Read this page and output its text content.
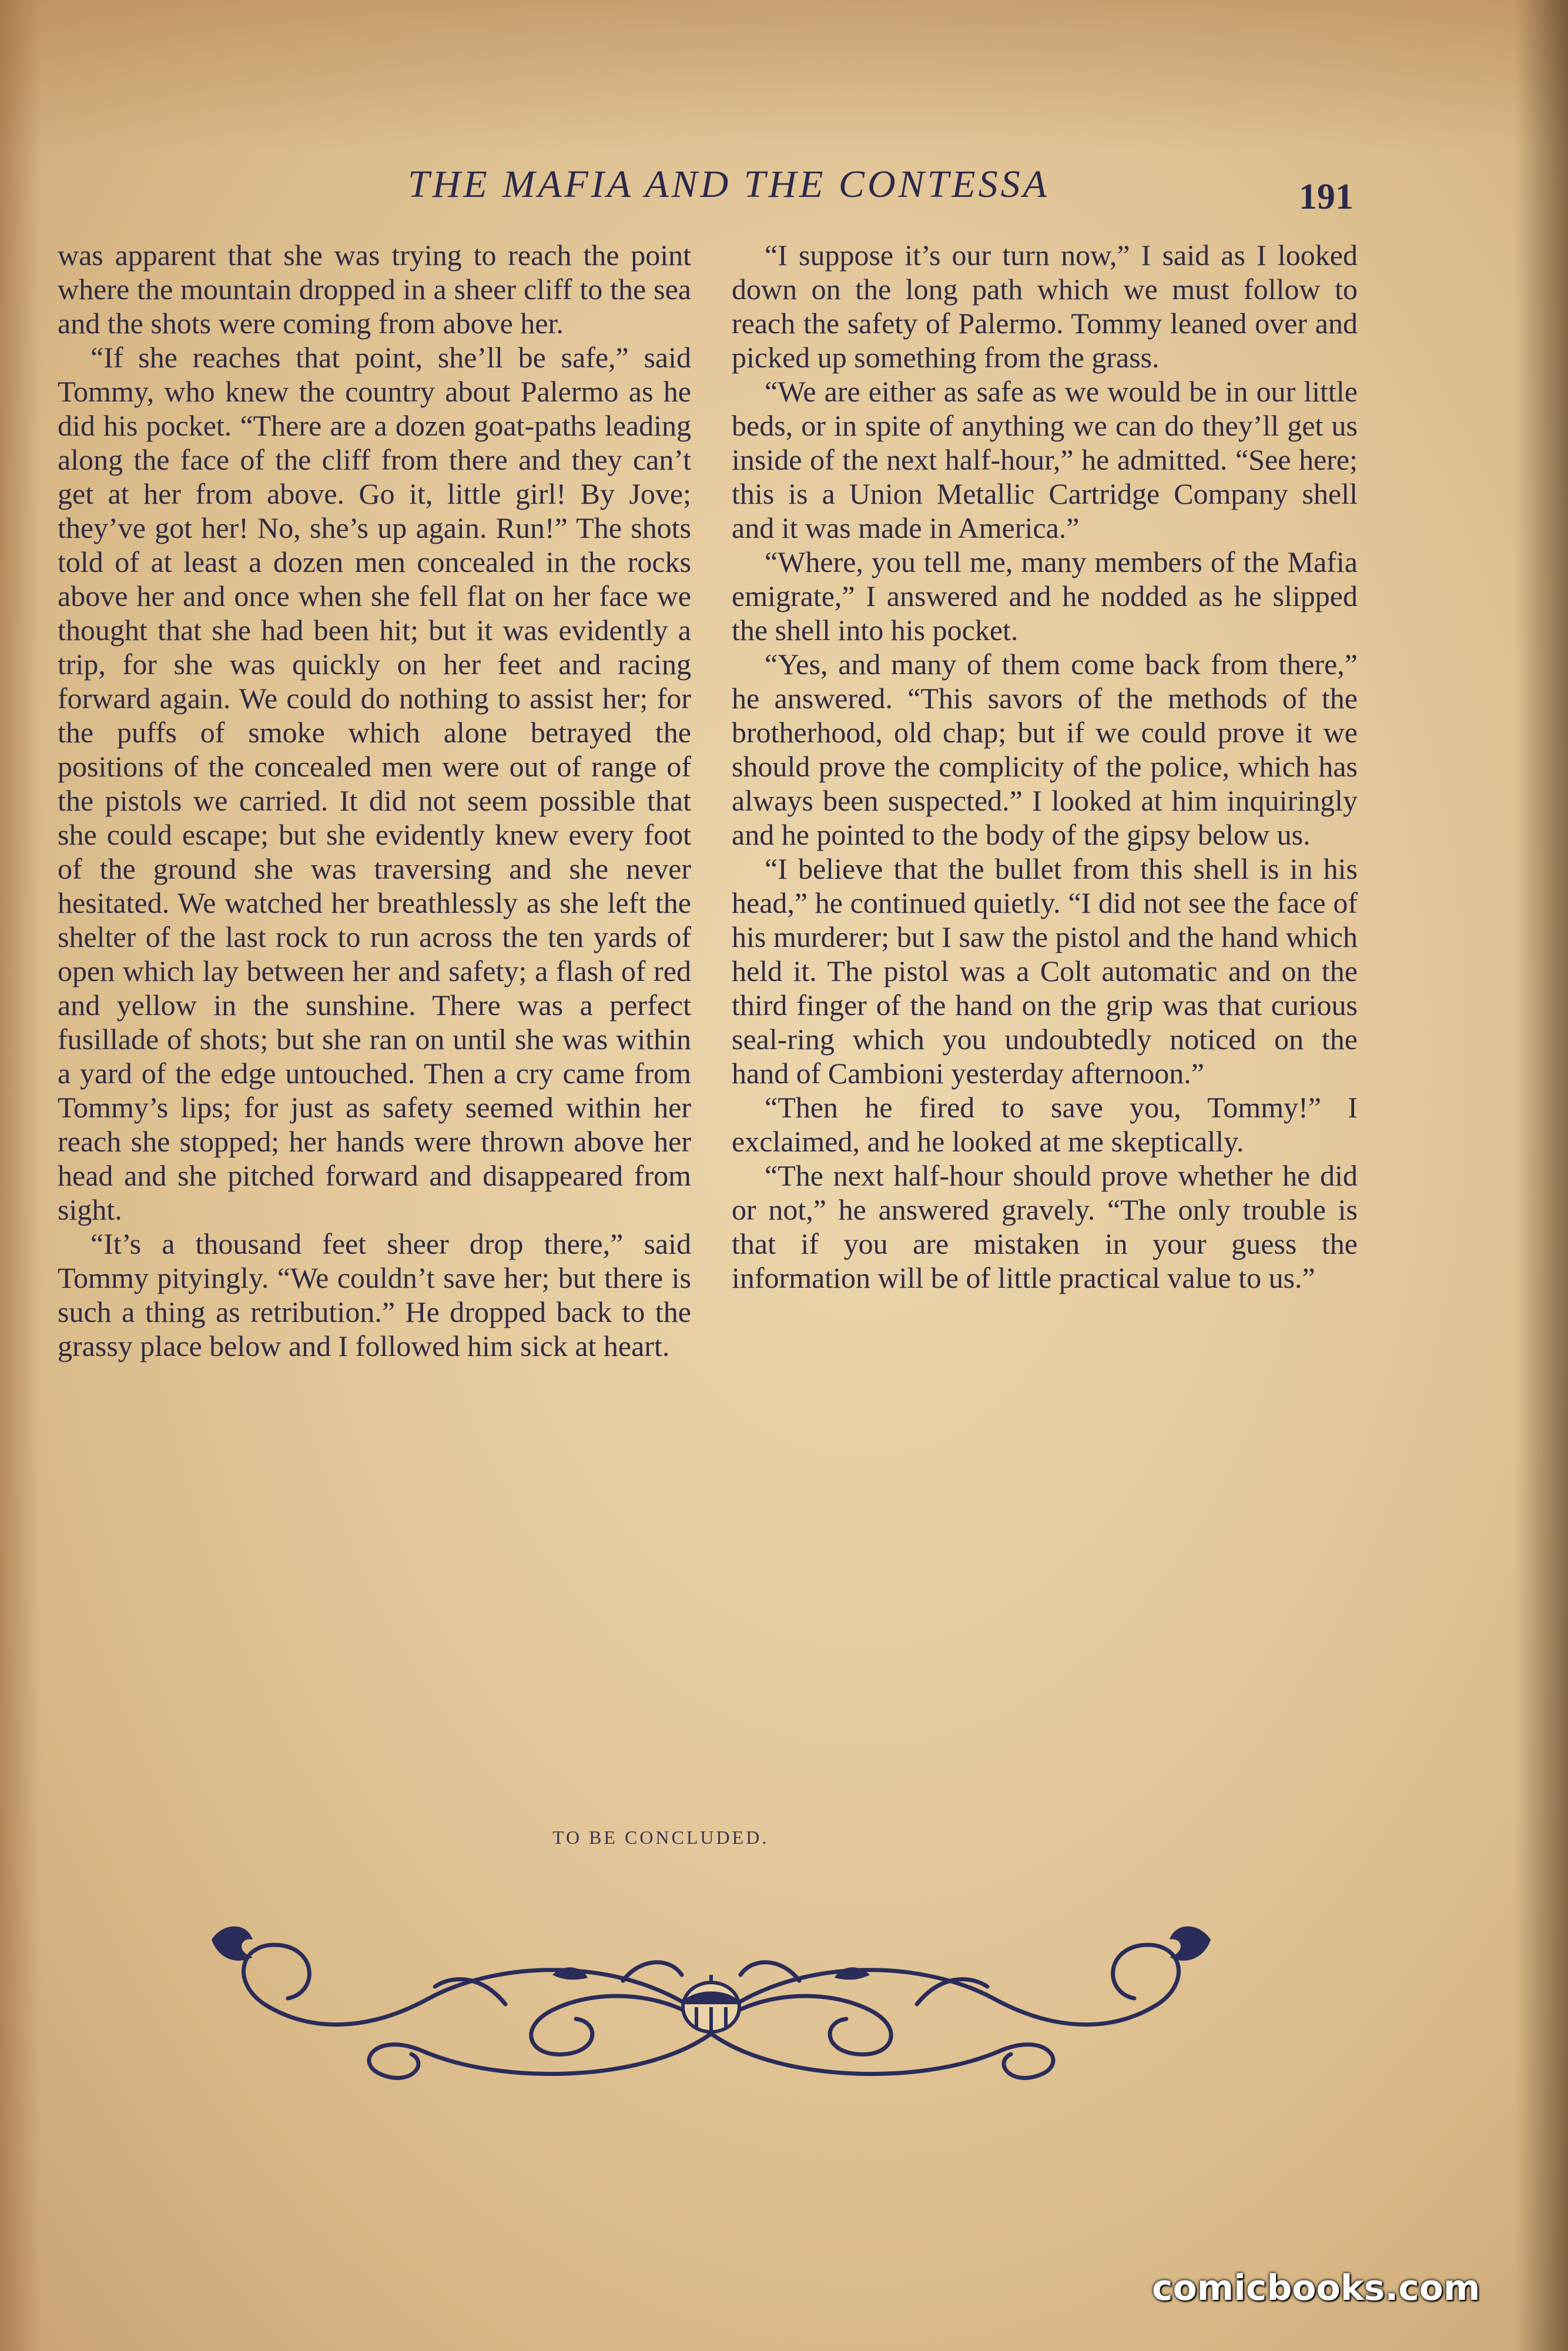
THE MAFIA AND THE CONTESSA	191

was apparent that she was trying to reach the point where the mountain dropped in a sheer cliff to the sea and the shots were coming from above her.

“If she reaches that point, she’ll be safe,” said Tommy, who knew the country about Palermo as he did his pocket. “There are a dozen goat-paths leading along the face of the cliff from there and they can’t get at her from above. Go it, little girl! By Jove; they’ve got her! No, she’s up again. Run!” The shots told of at least a dozen men concealed in the rocks above her and once when she fell flat on her face we thought that she had been hit; but it was evidently a trip, for she was quickly on her feet and racing forward again. We could do nothing to assist her; for the puffs of smoke which alone betrayed the positions of the concealed men were out of range of the pistols we carried. It did not seem possible that she could escape; but she evidently knew every foot of the ground she was traversing and she never hesitated. We watched her breathlessly as she left the shelter of the last rock to run across the ten yards of open which lay between her and safety; a flash of red and yellow in the sunshine. There was a perfect fusillade of shots; but she ran on until she was within a yard of the edge untouched. Then a cry came from Tommy’s lips; for just as safety seemed within her reach she stopped; her hands were thrown above her head and she pitched forward and disappeared from sight.

“It’s a thousand feet sheer drop there,” said Tommy pityingly. “We couldn’t save her; but there is such a thing as retribution.” He dropped back to the grassy place below and I followed him sick at heart.

“I suppose it’s our turn now,” I said as I looked down on the long path which we must follow to reach the safety of Palermo. Tommy leaned over and picked up something from the grass.

“We are either as safe as we would be in our little beds, or in spite of anything we can do they’ll get us inside of the next half-hour,” he admitted. “See here; this is a Union Metallic Cartridge Company shell and it was made in America.”

“Where, you tell me, many members of the Mafia emigrate,” I answered and he nodded as he slipped the shell into his pocket.

“Yes, and many of them come back from there,” he answered. “This savors of the methods of the brotherhood, old chap; but if we could prove it we should prove the complicity of the police, which has always been suspected.” I looked at him inquiringly and he pointed to the body of the gipsy below us.

“I believe that the bullet from this shell is in his head,” he continued quietly. “I did not see the face of his murderer; but I saw the pistol and the hand which held it. The pistol was a Colt automatic and on the third finger of the hand on the grip was that curious seal-ring which you undoubtedly noticed on the hand of Cambioni yesterday afternoon.”

“Then he fired to save you, Tommy!” I exclaimed, and he looked at me skeptically.

“The next half-hour should prove whether he did or not,” he answered gravely. “The only trouble is that if you are mistaken in your guess the information will be of little practical value to us.”

TO BE CONCLUDED.
comicbooks.com
